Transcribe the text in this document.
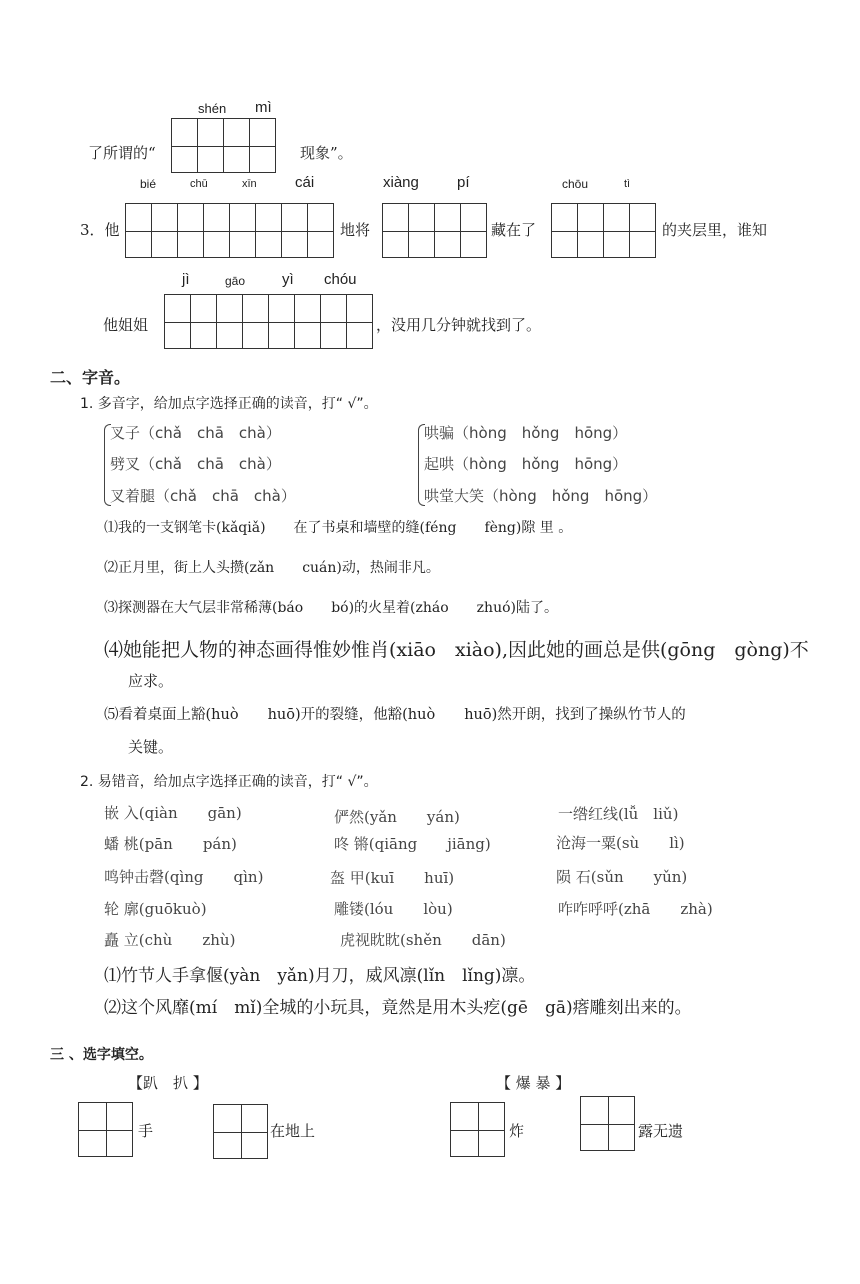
shén mì
了所谓的“	现象”。
bié	chū	xīn	cái	xiàng	pí	chōu	tì
3．他	地将	藏在了	的夹层里，谁知
jì	gāo yì chóu
他姐姐	，没用几分钟就找到了。
二、字音。
1. 多音字，给加点字选择正确的读音，打“ √”。
叉子（chǎ　chā　chà）
劈叉（chǎ　chā　chà）
叉着腿（chǎ　chā　chà）
哄骗（hòng　hǒng　hōng）
起哄（hòng　hǒng　hōng）
哄堂大笑（hòng　hǒng　hōng）
⑴我的一支钢笔卡(kǎqiǎ)　　在了书桌和墙壁的缝(féng　　fèng)隙 里 。
⑵正月里，街上人头攒(zǎn　　cuán)动，热闹非凡。
⑶探测器在大气层非常稀薄(báo　　bó)的火星着(zháo　　zhuó)陆了。
⑷她能把人物的神态画得惟妙惟肖(xiāo　xiào),因此她的画总是供(gōng　gòng)不
应求。
⑸看着桌面上豁(huò　　huō)开的裂缝，他豁(huò　　huō)然开朗，找到了操纵竹节人的
关键。
2. 易错音，给加点字选择正确的读音，打“ √”。
嵌 入(qiàn　　gān)	俨然(yǎn　　yán)	一绺红线(lǚ　liǔ)
蟠 桃(pān　　pán)	咚 锵(qiāng　　jiāng)	沧海一粟(sù　　lì)
鸣钟击磬(qìng　　qìn)	盔 甲(kuī　　huī)	陨 石(sǔn　　yǔn)
轮 廓(guōkuò)	雕镂(lóu　　lòu)	咋咋呼呼(zhā　　zhà)
矗 立(chù　　zhù)	虎视眈眈(shěn　　dān)
⑴竹节人手拿偃(yàn　yǎn)月刀，威风凛(lǐn　lǐng)凛。
⑵这个风靡(mí　mǐ)全城的小玩具，竟然是用木头疙(gē　gā)瘩雕刻出来的。
三 、选字填空。
【趴　扒 】	【 爆 暴 】
手	在地上	炸	露无遗
